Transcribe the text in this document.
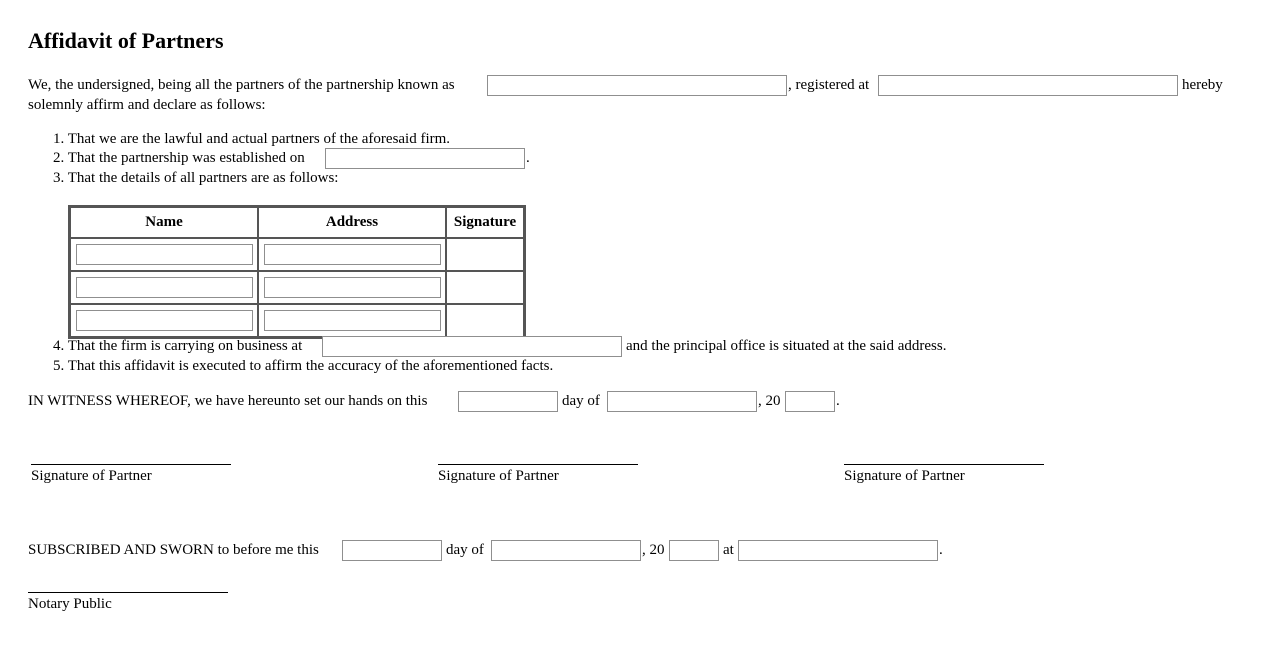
Affidavit of Partners
We, the undersigned, being all the partners of the partnership known as	, registered at	hereby
solemnly affirm and declare as follows:
1. That we are the lawful and actual partners of the aforesaid firm.
2. That the partnership was established on	.
3. That the details of all partners are as follows:
Name	Address	Signature

4. That the firm is carrying on business at	and the principal office is situated at the said address.
5. That this affidavit is executed to affirm the accuracy of the aforementioned facts.
IN WITNESS WHEREOF, we have hereunto set our hands on this	day of	, 20	.
Signature of Partner	Signature of Partner	Signature of Partner
SUBSCRIBED AND SWORN to before me this	day of	, 20	at	.
Notary Public
